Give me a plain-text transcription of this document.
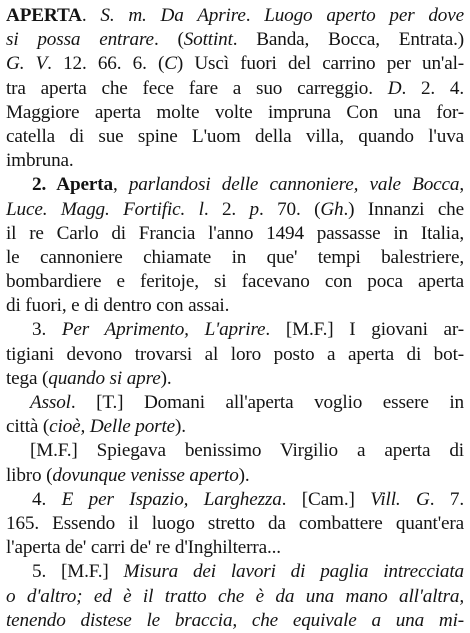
APERTA. S. m. Da Aprire. Luogo aperto per dove
si possa entrare. (Sottint. Banda, Bocca, Entrata.)
G. V. 12. 66. 6. (C) Uscì fuori del carrino per un'al-
tra aperta che fece fare a suo carreggio. D. 2. 4.
Maggiore aperta molte volte impruna Con una for-
catella di sue spine L'uom della villa, quando l'uva
imbruna.
2. Aperta, parlandosi delle cannoniere, vale Bocca,
Luce. Magg. Fortific. l. 2. p. 70. (Gh.) Innanzi che
il re Carlo di Francia l'anno 1494 passasse in Italia,
le cannoniere chiamate in que' tempi balestriere,
bombardiere e feritoje, si facevano con poca aperta
di fuori, e di dentro con assai.
3. Per Aprimento, L'aprire. [M.F.] I giovani ar-
tigiani devono trovarsi al loro posto a aperta di bot-
tega (quando si apre).
Assol. [T.] Domani all'aperta voglio essere in
città (cioè, Delle porte).
[M.F.] Spiegava benissimo Virgilio a aperta di
libro (dovunque venisse aperto).
4. E per Ispazio, Larghezza. [Cam.] Vill. G. 7.
165. Essendo il luogo stretto da combattere quant'era
l'aperta de' carri de' re d'Inghilterra...
5. [M.F.] Misura dei lavori di paglia intrecciata
o d'altro; ed è il tratto che è da una mano all'altra,
tenendo distese le braccia, che equivale a una mi-
